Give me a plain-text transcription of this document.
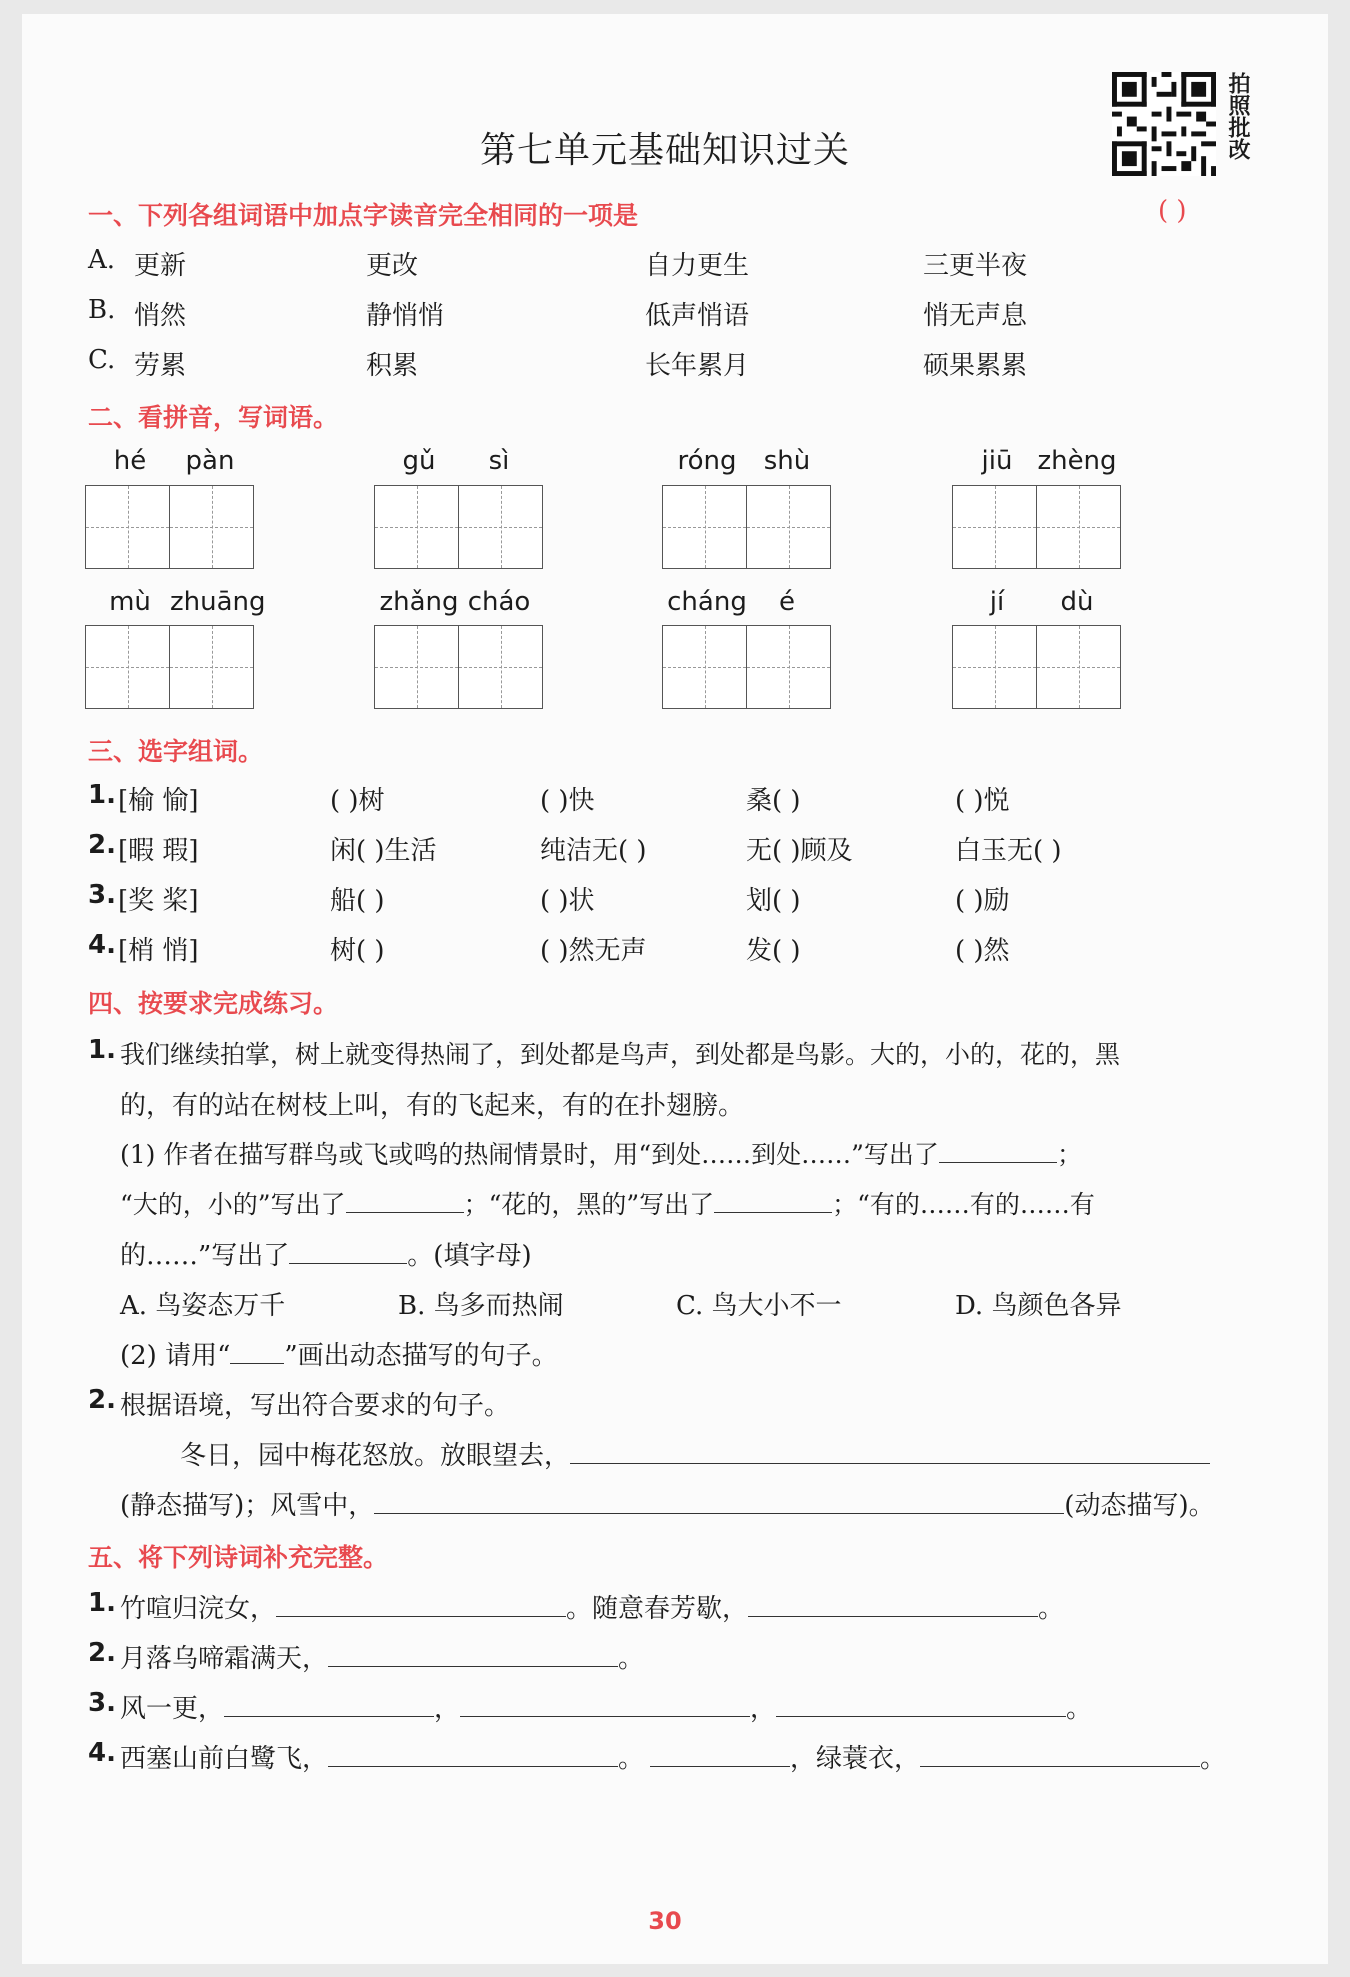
第七单元基础知识过关	拍照批改
一、下列各组词语中加点字读音完全相同的一项是	( )
A. 更新	更改	自力更生	三更半夜
B. 悄然	静悄悄	低声悄语	悄无声息
C. 劳累	积累	长年累月	硕果累累
二、看拼音，写词语。
hé pàn	gǔ sì	róng shù	jiū zhèng
mù zhuāng	zhǎng cháo	cháng é	jí dù
三、选字组词。
1. [榆 愉]	( )树	( )快	桑( )	( )悦
2. [暇 瑕]	闲( )生活	纯洁无( )	无( )顾及	白玉无( )
3. [奖 桨]	船( )	( )状	划( )	( )励
4. [梢 悄]	树( )	( )然无声	发( )	( )然
四、按要求完成练习。
1. 我们继续拍掌，树上就变得热闹了，到处都是鸟声，到处都是鸟影。大的，小的，花的，黑
的，有的站在树枝上叫，有的飞起来，有的在扑翅膀。
(1) 作者在描写群鸟或飞或鸣的热闹情景时，用“到处……到处……”写出了	；
“大的，小的”写出了	；“花的，黑的”写出了	；“有的……有的……有
的……”写出了	。(填字母)
A. 鸟姿态万千	B. 鸟多而热闹	C. 鸟大小不一	D. 鸟颜色各异
(2) 请用“ ”画出动态描写的句子。
2. 根据语境，写出符合要求的句子。
冬日，园中梅花怒放。放眼望去，
(静态描写)；风雪中，	(动态描写)。
五、将下列诗词补充完整。
1. 竹喧归浣女，	。随意春芳歇，	。
2. 月落乌啼霜满天，	。
3. 风一更，	，	，	。
4. 西塞山前白鹭飞，	。	，绿蓑衣，	。
30
